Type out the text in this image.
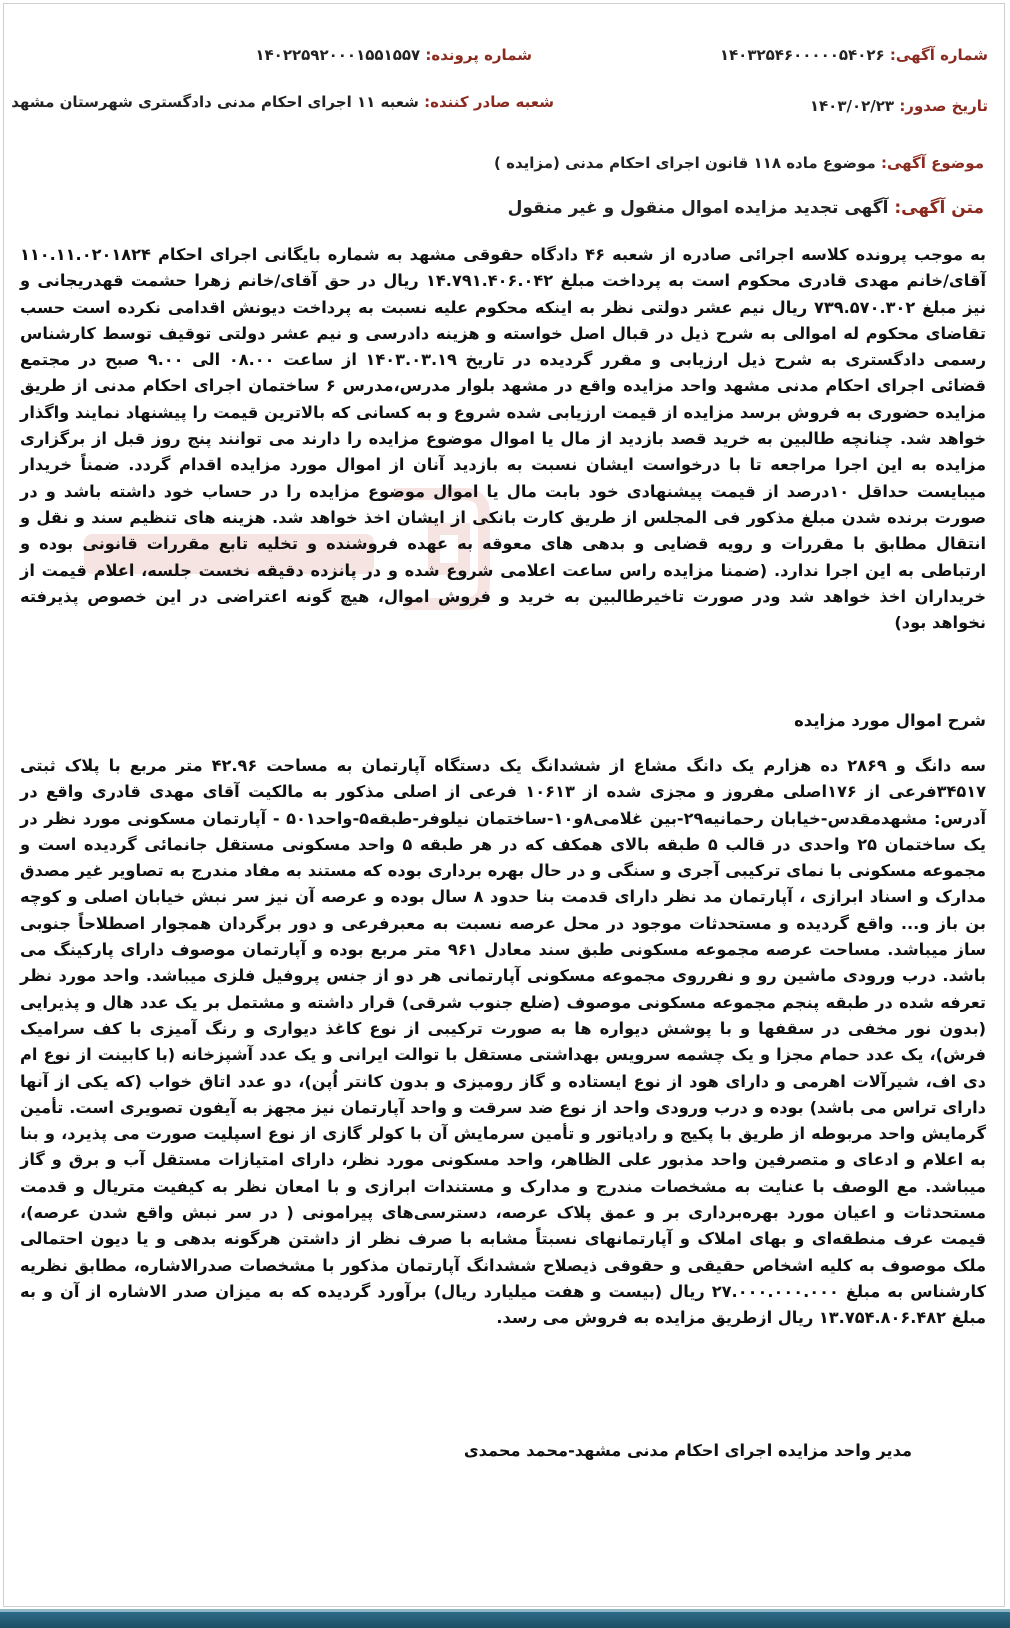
شماره آگهی: ۱۴۰۳۲۵۴۶۰۰۰۰۰۵۴۰۲۶
شماره پرونده: ۱۴۰۲۲۵۹۲۰۰۰۱۵۵۱۵۵۷
تاریخ صدور: ۱۴۰۳/۰۲/۲۳
شعبه صادر کننده: شعبه ۱۱ اجرای احکام مدنی دادگستری شهرستان مشهد
موضوع آگهی: موضوع ماده ۱۱۸ قانون اجرای احکام مدنی (مزایده )
متن آگهی: آگهی تجدید مزایده اموال منقول و غیر منقول
به موجب پرونده کلاسه اجرائی صادره از شعبه ۴۶ دادگاه حقوقی مشهد به شماره بایگانی اجرای احکام ۱۱۰.۱۱.۰۲۰۱۸۲۴ آقای/خانم مهدی قادری محکوم است به پرداخت مبلغ ۱۴.۷۹۱.۴۰۶.۰۴۲ ریال در حق آقای/خانم زهرا حشمت قهدریجانی و نیز مبلغ ۷۳۹.۵۷۰.۳۰۲ ریال نیم عشر دولتی نظر به اینکه محکوم علیه نسبت به پرداخت دیونش اقدامی نکرده است حسب تقاضای محکوم له اموالی به شرح ذیل در قبال اصل خواسته و هزینه دادرسی و نیم عشر دولتی توقیف توسط کارشناس رسمی دادگستری به شرح ذیل ارزیابی و مقرر گردیده در تاریخ ۱۴۰۳.۰۳.۱۹ از ساعت ۰۸.۰۰ الی ۹.۰۰ صبح در مجتمع قضائی اجرای احکام مدنی مشهد واحد مزایده واقع در مشهد بلوار مدرس،مدرس ۶ ساختمان اجرای احکام مدنی از طریق مزایده حضوری به فروش برسد مزایده از قیمت ارزیابی شده شروع و به کسانی که بالاترین قیمت را پیشنهاد نمایند واگذار خواهد شد. چنانچه طالبین به خرید قصد بازدید از مال یا اموال موضوع مزایده را دارند می توانند پنج روز قبل از برگزاری مزایده به این اجرا مراجعه تا با درخواست ایشان نسبت به بازدید آنان از اموال مورد مزایده اقدام گردد. ضمناً خریدار میبایست حداقل ۱۰درصد از قیمت پیشنهادی خود بابت مال یا اموال موضوع مزایده را در حساب خود داشته باشد و در صورت برنده شدن مبلغ مذکور فی المجلس از طریق کارت بانکی از ایشان اخذ خواهد شد. هزینه های تنظیم سند و نقل و انتقال مطابق با مقررات و رویه قضایی و بدهی های معوقه به عهده فروشنده و تخلیه تابع مقررات قانونی بوده و ارتباطی به این اجرا ندارد. (ضمنا مزایده راس ساعت اعلامی شروع شده و در پانزده دقیقه نخست جلسه، اعلام قیمت از خریداران اخذ خواهد شد ودر صورت تاخیرطالبین به خرید و فروش اموال، هیچ گونه اعتراضی در این خصوص پذیرفته نخواهد بود)
شرح اموال مورد مزایده
سه دانگ و ۲۸۶۹ ده هزارم یک دانگ مشاع از ششدانگ یک دستگاه آپارتمان به مساحت ۴۲.۹۶ متر مربع با پلاک ثبتی ۳۴۵۱۷فرعی از ۱۷۶اصلی مفروز و مجزی شده از ۱۰۶۱۳ فرعی از اصلی مذکور به مالکیت آقای مهدی قادری واقع در آدرس: مشهدمقدس-خیابان رحمانیه۲۹-بین غلامی۸و۱۰-ساختمان نیلوفر-طبقه۵-واحد۵۰۱ - آپارتمان مسکونی مورد نظر در یک ساختمان ۲۵ واحدی در قالب ۵ طبقه بالای همکف که در هر طبقه ۵ واحد مسکونی مستقل جانمائی گردیده است و مجموعه مسکونی با نمای ترکیبی آجری و سنگی و در حال بهره برداری بوده که مستند به مفاد مندرج به تصاویر غیر مصدق مدارک و اسناد ابرازی ، آپارتمان مد نظر دارای قدمت بنا حدود ۸ سال بوده و عرصه آن نیز سر نبش خیابان اصلی و کوچه بن باز و... واقع گردیده و مستحدثات موجود در محل عرصه نسبت به معبرفرعی و دور برگردان همجوار اصطلاحاً جنوبی ساز میباشد. مساحت عرصه مجموعه مسکونی طبق سند معادل ۹۶۱ متر مربع بوده و آپارتمان موصوف دارای پارکینگ می باشد. درب ورودی ماشین رو و نفرروی مجموعه مسکونی آپارتمانی هر دو از جنس پروفیل فلزی میباشد. واحد مورد نظر تعرفه شده در طبقه پنجم مجموعه مسکونی موصوف (ضلع جنوب شرقی) قرار داشته و مشتمل بر یک عدد هال و پذیرایی (بدون نور مخفی در سقفها و با پوشش دیواره ها به صورت ترکیبی از نوع کاغذ دیواری و رنگ آمیزی با کف سرامیک فرش)، یک عدد حمام مجزا و یک چشمه سرویس بهداشتی مستقل با توالت ایرانی و یک عدد آشپزخانه (با کابینت از نوع ام دی اف، شیرآلات اهرمی و دارای هود از نوع ایستاده و گاز رومیزی و بدون کانتر اُپن)، دو عدد اتاق خواب (که یکی از آنها دارای تراس می باشد) بوده و درب ورودی واحد از نوع ضد سرقت و واحد آپارتمان نیز مجهز به آیفون تصویری است. تأمین گرمایش واحد مربوطه از طریق با پکیج و رادیاتور و تأمین سرمایش آن با کولر گازی از نوع اسپلیت صورت می پذیرد، و بنا به اعلام و ادعای و متصرفین واحد مذبور علی الظاهر، واحد مسکونی مورد نظر، دارای امتیازات مستقل آب و برق و گاز میباشد. مع الوصف با عنایت به مشخصات مندرج و مدارک و مستندات ابرازی و با امعان نظر به کیفیت متریال و قدمت مستحدثات و اعیان مورد بهره‌برداری بر و عمق پلاک عرصه، دسترسی‌های پیرامونی ( در سر نبش واقع شدن عرصه)، قیمت عرف منطقه‌ای و بهای املاک و آپارتمانهای نسبتاً مشابه با صرف نظر از داشتن هرگونه بدهی و یا دیون احتمالی ملک موصوف به کلیه اشخاص حقیقی و حقوقی ذیصلاح ششدانگ آپارتمان مذکور با مشخصات صدرالاشاره، مطابق نظریه کارشناس به مبلغ ۲۷.۰۰۰.۰۰۰.۰۰۰ ریال (بیست و هفت میلیارد ریال) برآورد گردیده که به میزان صدر الاشاره از آن و به مبلغ ۱۳.۷۵۴.۸۰۶.۴۸۲ ریال ازطریق مزایده به فروش می رسد.
مدیر واحد مزایده اجرای احکام مدنی مشهد-محمد محمدی
